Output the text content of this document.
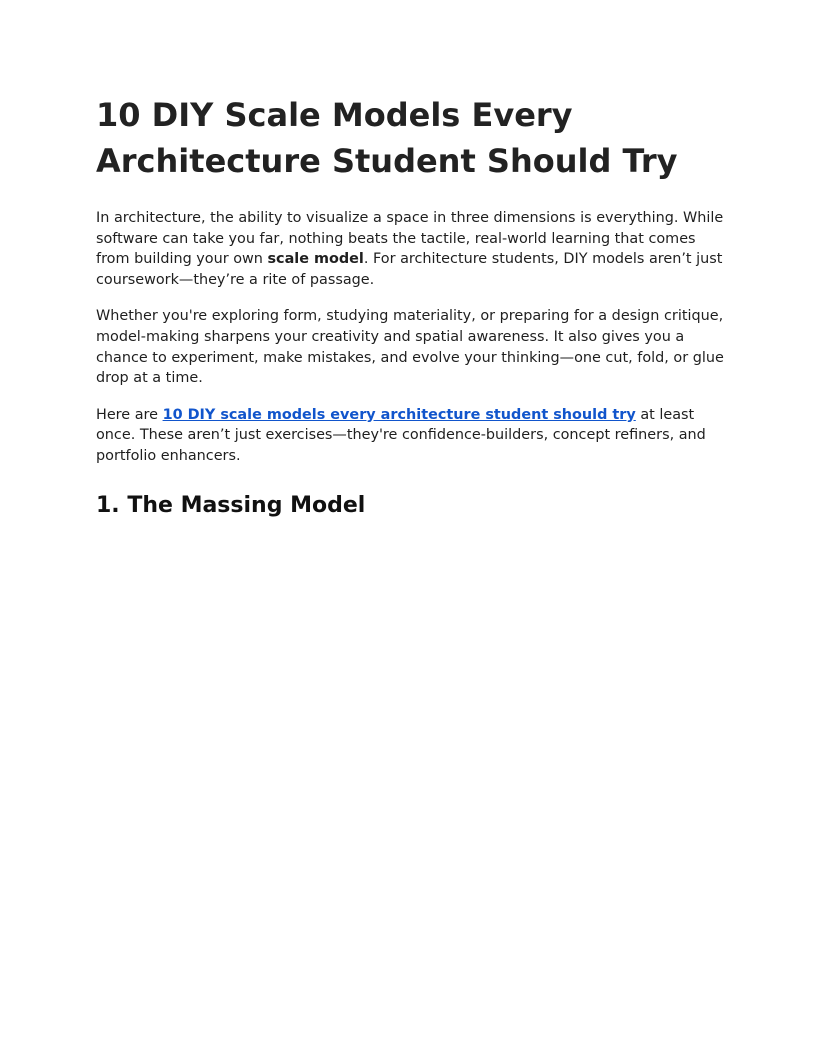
10 DIY Scale Models Every Architecture Student Should Try

In architecture, the ability to visualize a space in three dimensions is everything. While software can take you far, nothing beats the tactile, real-world learning that comes from building your own scale model. For architecture students, DIY models aren’t just coursework—they’re a rite of passage.

Whether you're exploring form, studying materiality, or preparing for a design critique, model-making sharpens your creativity and spatial awareness. It also gives you a chance to experiment, make mistakes, and evolve your thinking—one cut, fold, or glue drop at a time.

Here are 10 DIY scale models every architecture student should try at least once. These aren’t just exercises—they're confidence-builders, concept refiners, and portfolio enhancers.

1. The Massing Model
